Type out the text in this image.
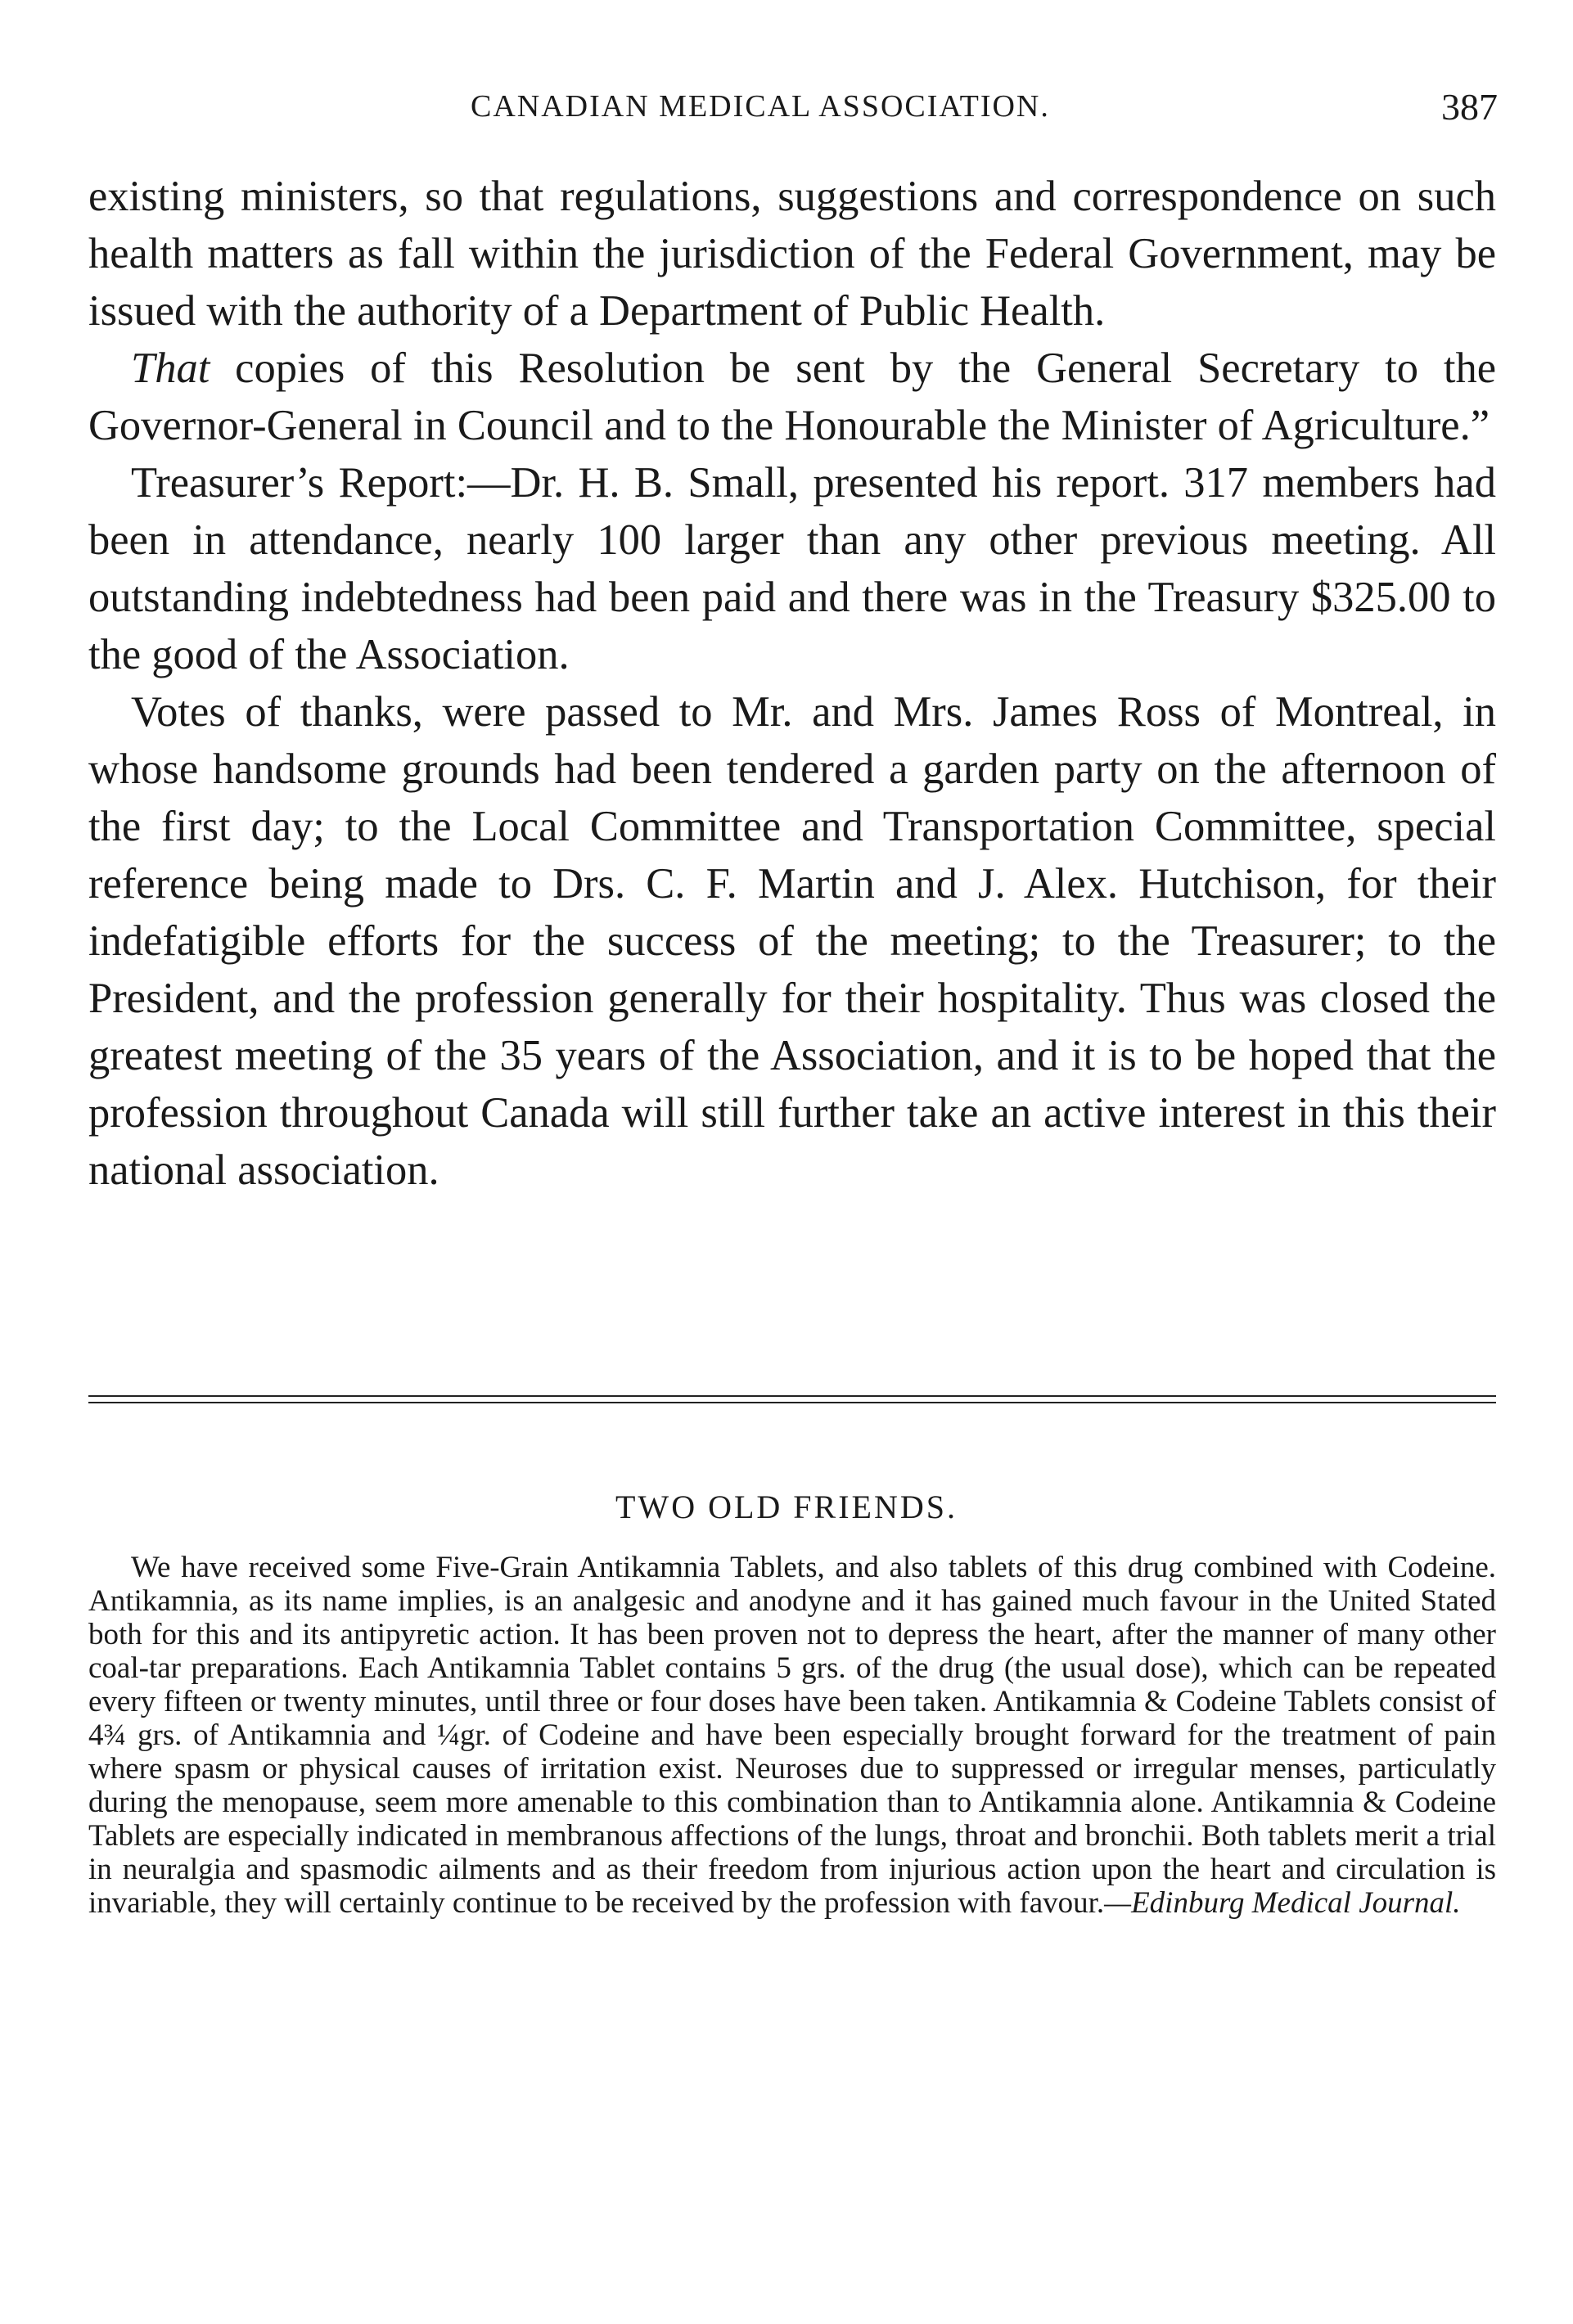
CANADIAN MEDICAL ASSOCIATION.	387

existing ministers, so that regulations, suggestions and correspondence on such health matters as fall within the jurisdiction of the Federal Government, may be issued with the authority of a Department of Public Health.

That copies of this Resolution be sent by the General Secretary to the Governor-General in Council and to the Honourable the Minister of Agriculture.”

Treasurer’s Report:—Dr. H. B. Small, presented his report. 317 members had been in attendance, nearly 100 larger than any other previous meeting. All outstanding indebtedness had been paid and there was in the Treasury $325.00 to the good of the Association.

Votes of thanks, were passed to Mr. and Mrs. James Ross of Montreal, in whose handsome grounds had been tendered a garden party on the afternoon of the first day; to the Local Committee and Transportation Committee, special reference being made to Drs. C. F. Martin and J. Alex. Hutchison, for their indefatigible efforts for the success of the meeting; to the Treasurer; to the President, and the profession generally for their hospitality. Thus was closed the greatest meeting of the 35 years of the Association, and it is to be hoped that the profession throughout Canada will still further take an active interest in this their national association.

TWO OLD FRIENDS.

We have received some Five-Grain Antikamnia Tablets, and also tablets of this drug combined with Codeine. Antikamnia, as its name implies, is an analgesic and anodyne and it has gained much favour in the United Stated both for this and its antipyretic action. It has been proven not to depress the heart, after the manner of many other coal-tar preparations. Each Antikamnia Tablet contains 5 grs. of the drug (the usual dose), which can be repeated every fifteen or twenty minutes, until three or four doses have been taken. Antikamnia & Codeine Tablets consist of 4¾ grs. of Antikamnia and ¼gr. of Codeine and have been especially brought forward for the treatment of pain where spasm or physical causes of irritation exist. Neuroses due to suppressed or irregular menses, particulatly during the menopause, seem more amenable to this combination than to Antikamnia alone. Antikamnia & Codeine Tablets are especially indicated in membranous affections of the lungs, throat and bronchii. Both tablets merit a trial in neuralgia and spasmodic ailments and as their freedom from injurious action upon the heart and circulation is invariable, they will certainly continue to be received by the profession with favour.—Edinburg Medical Journal.
